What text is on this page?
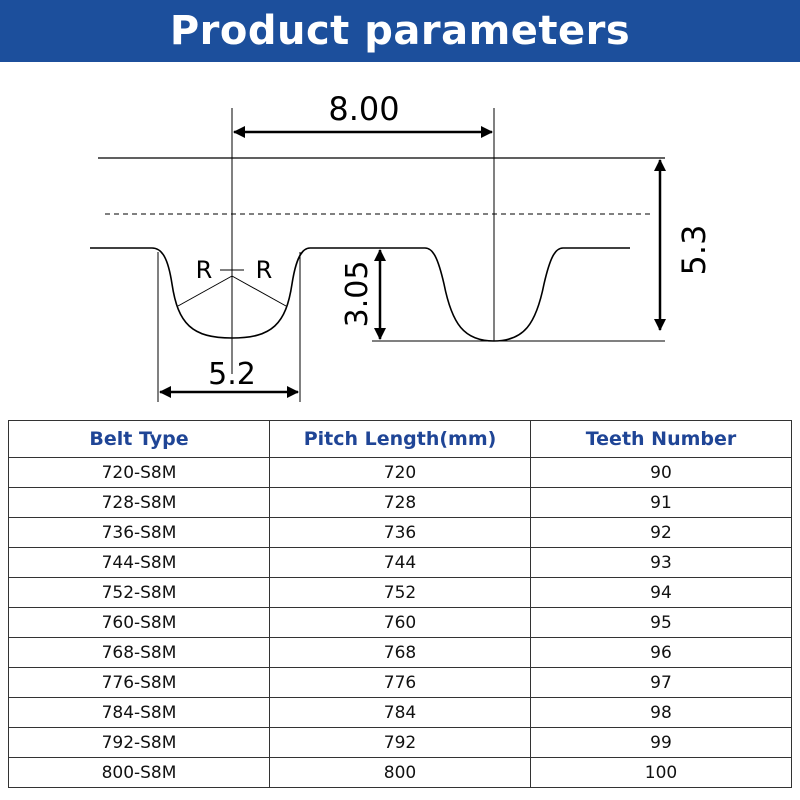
Product parameters
8.00
5.3
3.05
5.2
R R
Belt Type	Pitch Length(mm)	Teeth Number
720-S8M	720	90
728-S8M	728	91
736-S8M	736	92
744-S8M	744	93
752-S8M	752	94
760-S8M	760	95
768-S8M	768	96
776-S8M	776	97
784-S8M	784	98
792-S8M	792	99
800-S8M	800	100
